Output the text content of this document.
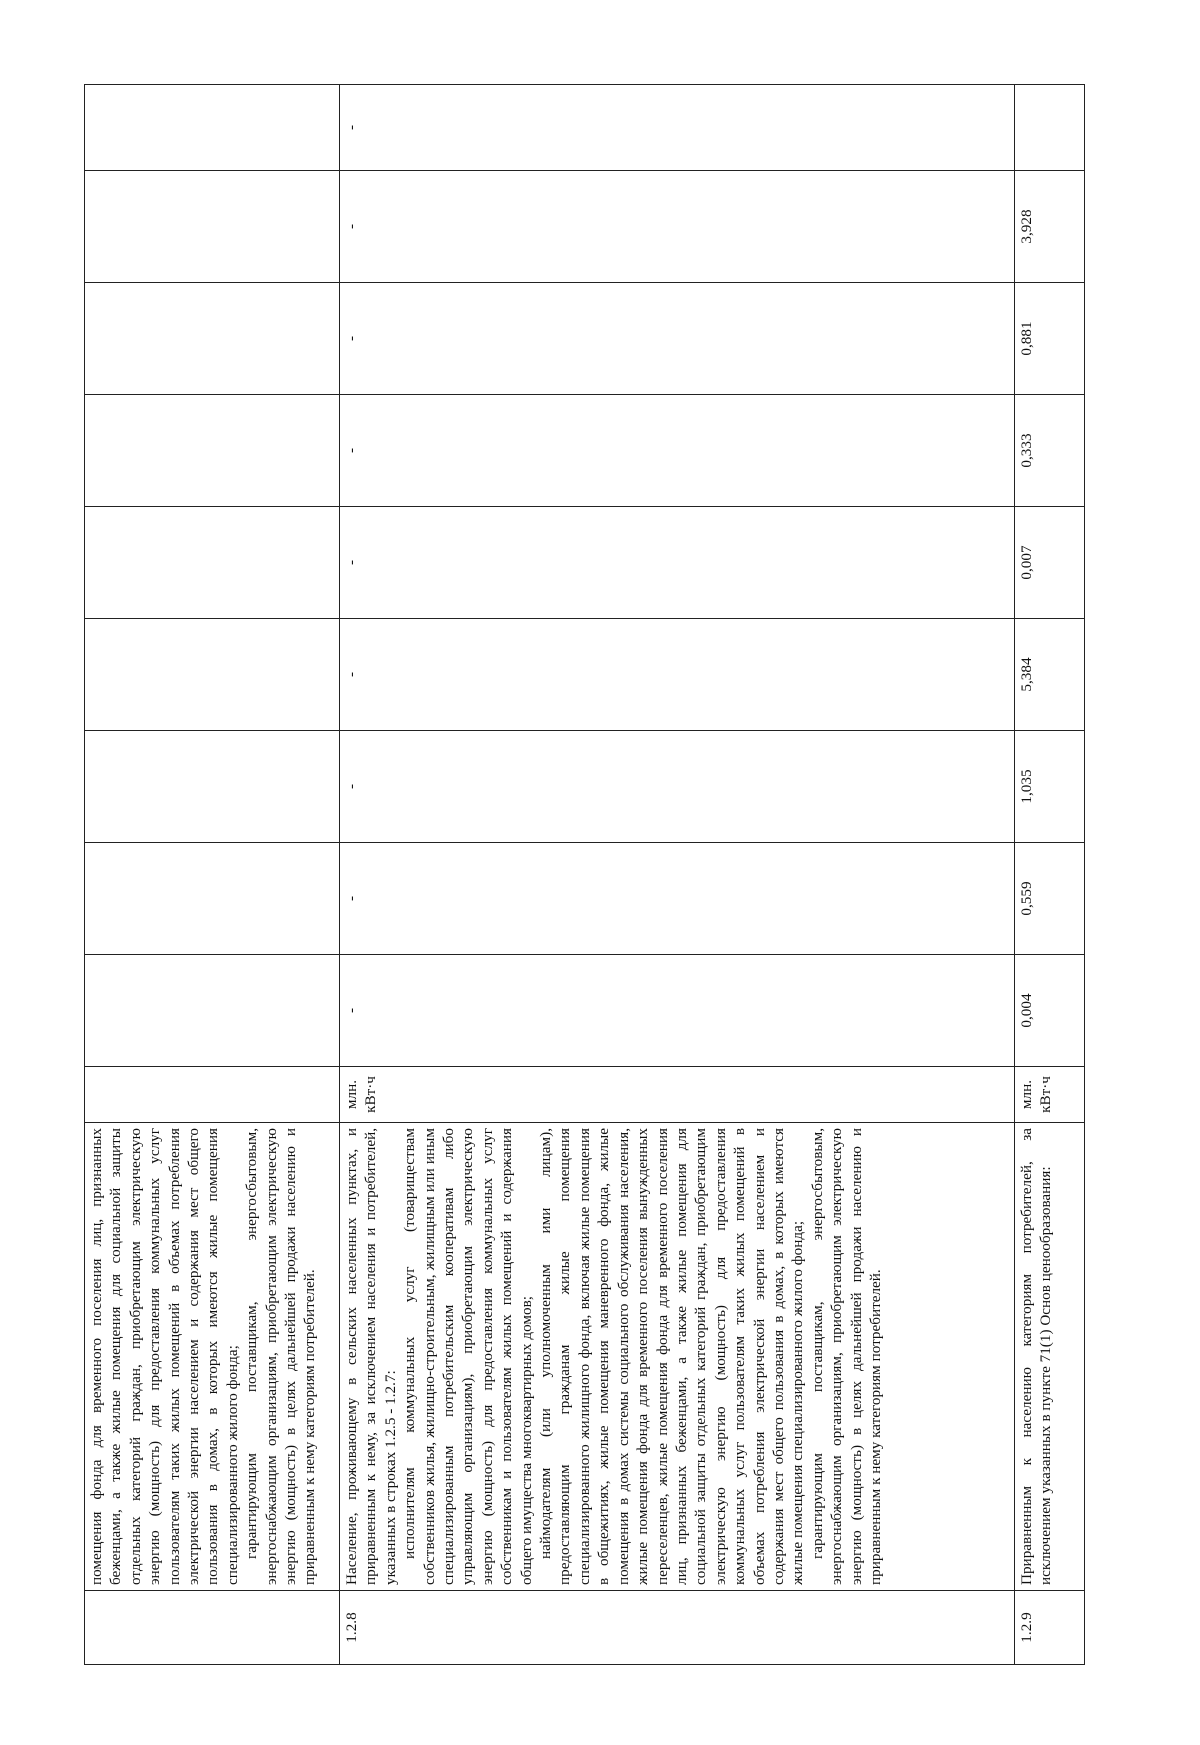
	помещения фонда для временного поселения лиц, признанных беженцами, а также жилые помещения для социальной защиты отдельных категорий граждан, приобретающим электрическую энергию (мощность) для предоставления коммунальных услуг пользователям таких жилых помещений в объемах потребления электрической энергии населением и содержания мест общего пользования в домах, в которых имеются жилые помещения специализированного жилого фонда; гарантирующим поставщикам, энергосбытовым, энергоснабжающим организациям, приобретающим электрическую энергию (мощность) в целях дальнейшей продажи населению и приравненным к нему категориям потребителей.										

1.2.8	Население, проживающему в сельских населенных пунктах, и приравненным к нему, за исключением населения и потребителей, указанных в строках 1.2.5 - 1.2.7: исполнителям коммунальных услуг (товариществам собственников жилья, жилищно-строительным, жилищным или иным специализированным потребительским кооперативам либо управляющим организациям), приобретающим электрическую энергию (мощность) для предоставления коммунальных услуг собственникам и пользователям жилых помещений и содержания общего имущества многоквартирных домов; наймодателям (или уполномоченным ими лицам), предоставляющим гражданам жилые помещения специализированного жилищного фонда, включая жилые помещения в общежитиях, жилые помещения маневренного фонда, жилые помещения в домах системы социального обслуживания населения, жилые помещения фонда для временного поселения вынужденных переселенцев, жилые помещения фонда для временного поселения лиц, признанных беженцами, а также жилые помещения для социальной защиты отдельных категорий граждан, приобретающим электрическую энергию (мощность) для предоставления коммунальных услуг пользователям таких жилых помещений в объемах потребления электрической энергии населением и содержания мест общего пользования в домах, в которых имеются жилые помещения специализированного жилого фонда; гарантирующим поставщикам, энергосбытовым, энергоснабжающим организациям, приобретающим электрическую энергию (мощность) в целях дальнейшей продажи населению и приравненным к нему категориям потребителей.	млн. кВт·ч	-	-	-	-	-	-	-	-	-
1.2.9	Приравненным к населению категориям потребителей, за исключением указанных в пункте 71(1) Основ ценообразования:	млн. кВт·ч	0,004	0,559	1,035	5,384	0,007	0,333	0,881	3,928	
